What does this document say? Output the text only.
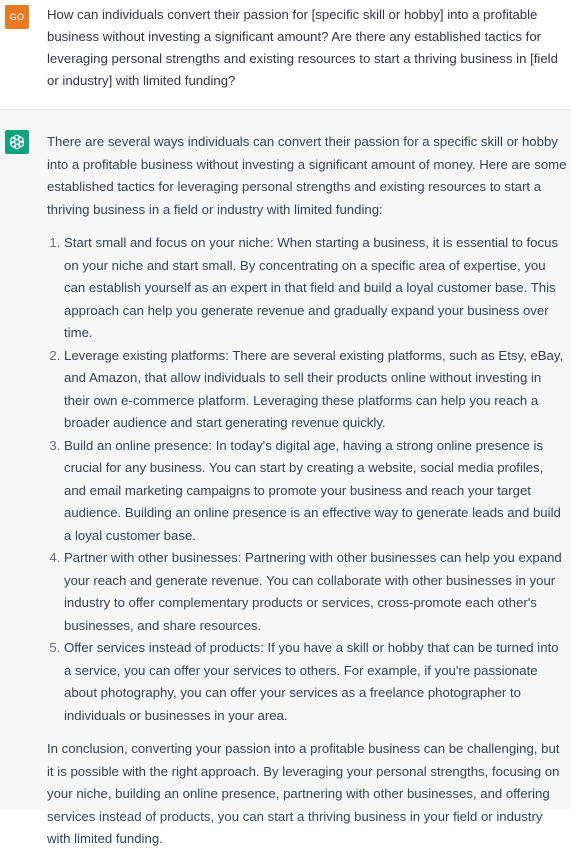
GO	How can individuals convert their passion for [specific skill or hobby] into a profitable business without investing a significant amount? Are there any established tactics for leveraging personal strengths and existing resources to start a thriving business in [field or industry] with limited funding?

There are several ways individuals can convert their passion for a specific skill or hobby into a profitable business without investing a significant amount of money. Here are some established tactics for leveraging personal strengths and existing resources to start a thriving business in a field or industry with limited funding:

1. Start small and focus on your niche: When starting a business, it is essential to focus on your niche and start small. By concentrating on a specific area of expertise, you can establish yourself as an expert in that field and build a loyal customer base. This approach can help you generate revenue and gradually expand your business over time.
2. Leverage existing platforms: There are several existing platforms, such as Etsy, eBay, and Amazon, that allow individuals to sell their products online without investing in their own e-commerce platform. Leveraging these platforms can help you reach a broader audience and start generating revenue quickly.
3. Build an online presence: In today's digital age, having a strong online presence is crucial for any business. You can start by creating a website, social media profiles, and email marketing campaigns to promote your business and reach your target audience. Building an online presence is an effective way to generate leads and build a loyal customer base.
4. Partner with other businesses: Partnering with other businesses can help you expand your reach and generate revenue. You can collaborate with other businesses in your industry to offer complementary products or services, cross-promote each other's businesses, and share resources.
5. Offer services instead of products: If you have a skill or hobby that can be turned into a service, you can offer your services to others. For example, if you're passionate about photography, you can offer your services as a freelance photographer to individuals or businesses in your area.

In conclusion, converting your passion into a profitable business can be challenging, but it is possible with the right approach. By leveraging your personal strengths, focusing on your niche, building an online presence, partnering with other businesses, and offering services instead of products, you can start a thriving business in your field or industry with limited funding.
